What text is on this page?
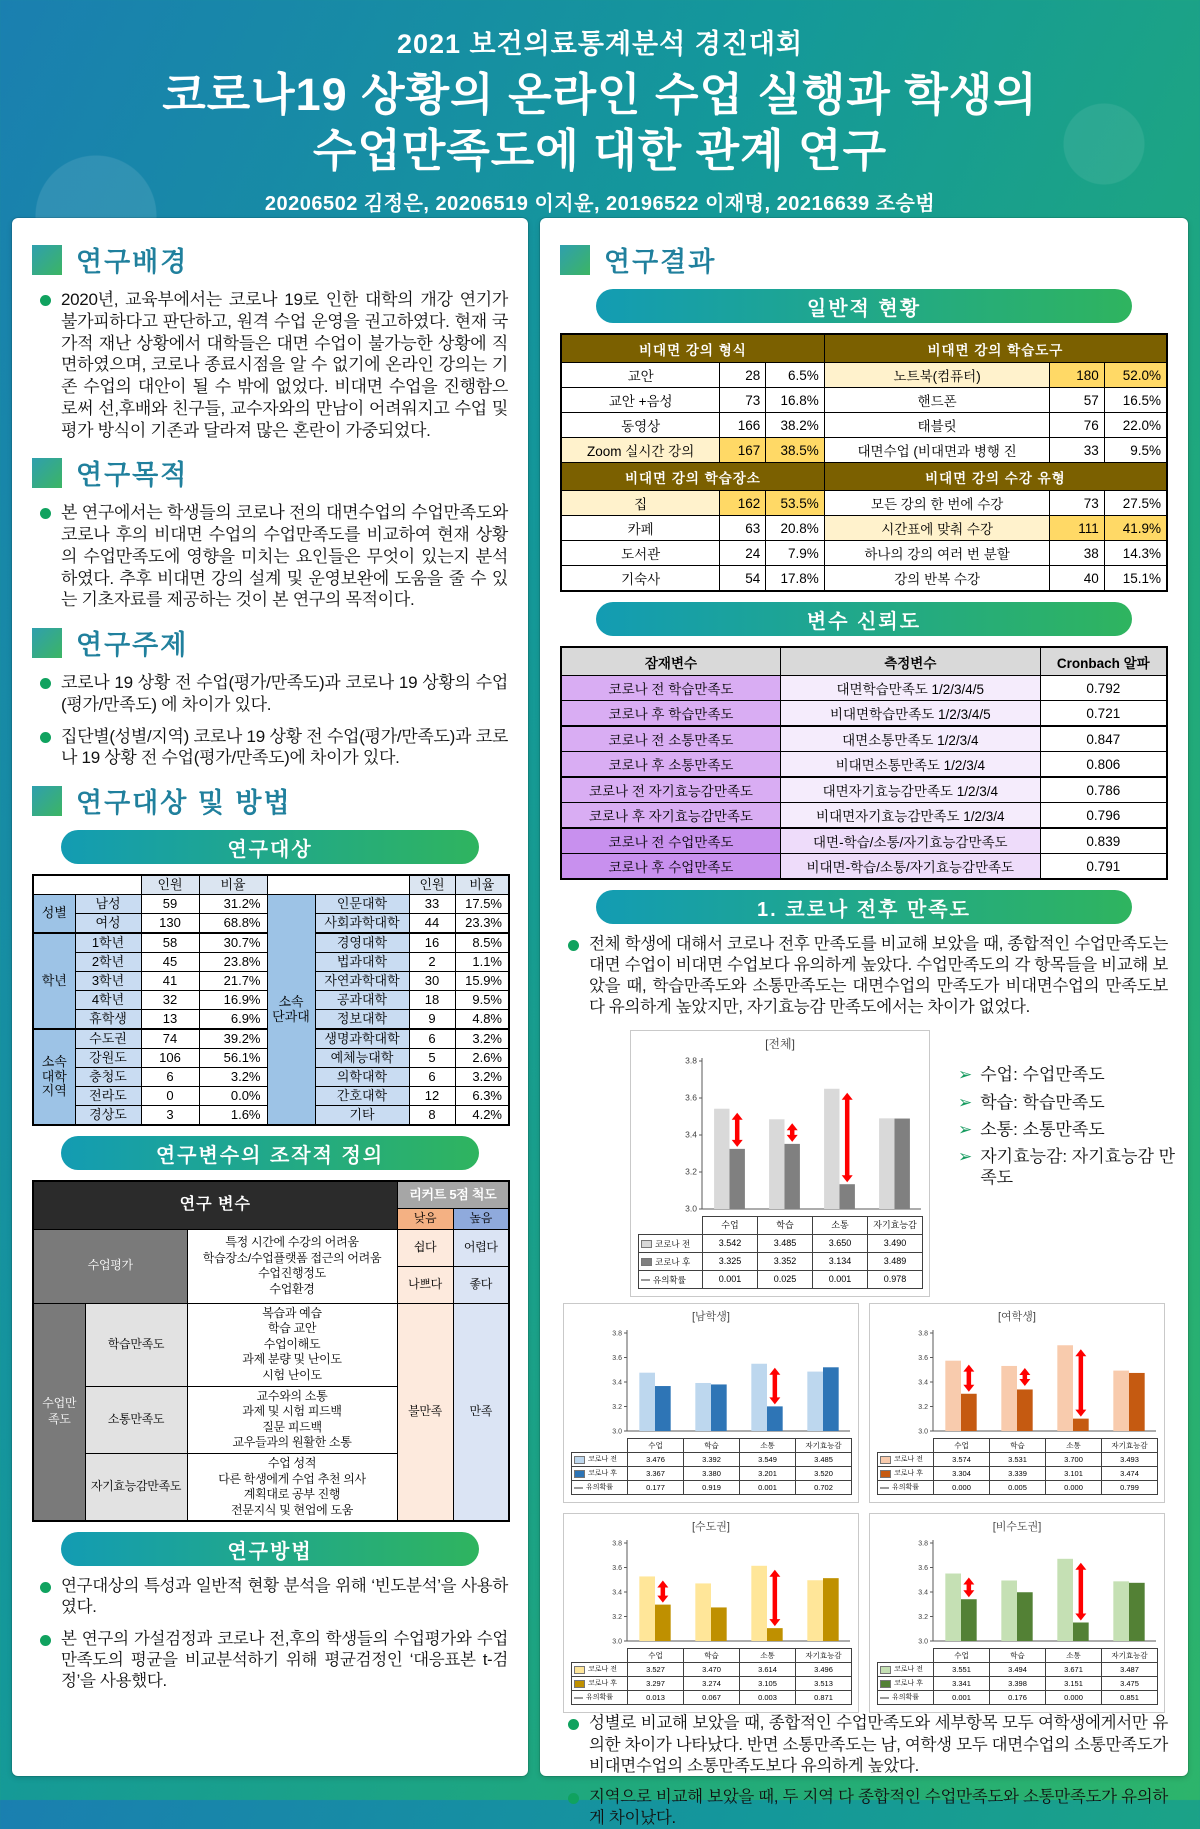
2021 보건의료통계분석 경진대회
코로나19 상황의 온라인 수업 실행과 학생의
수업만족도에 대한 관계 연구
20206502 김정은, 20206519 이지윤, 20196522 이재명, 20216639 조승범
연구배경
2020년, 교육부에서는 코로나 19로 인한 대학의 개강 연기가 불가피하다고 판단하고, 원격 수업 운영을 권고하였다. 현재 국가적 재난 상황에서 대학들은 대면 수업이 불가능한 상황에 직면하였으며, 코로나 종료시점을 알 수 없기에 온라인 강의는 기존 수업의 대안이 될 수 밖에 없었다. 비대면 수업을 진행함으로써 선,후배와 친구들, 교수자와의 만남이 어려워지고 수업 및 평가 방식이 기존과 달라져 많은 혼란이 가중되었다.
연구목적
본 연구에서는 학생들의 코로나 전의 대면수업의 수업만족도와 코로나 후의 비대면 수업의 수업만족도를 비교하여 현재 상황의 수업만족도에 영향을 미치는 요인들은 무엇이 있는지 분석하였다. 추후 비대면 강의 설계 및 운영보완에 도움을 줄 수 있는 기초자료를 제공하는 것이 본 연구의 목적이다.
연구주제
코로나 19 상황 전 수업(평가/만족도)과 코로나 19 상황의 수업(평가/만족도) 에 차이가 있다.
집단별(성별/지역) 코로나 19 상황 전 수업(평가/만족도)과 코로나 19 상황 전 수업(평가/만족도)에 차이가 있다.
연구대상 및 방법
연구대상
		인원	비율			인원	비율
성별	남성	59	31.2%	소속 단과대	인문대학	33	17.5%
	여성	130	68.8%		사회과학대학	44	23.3%
학년	1학년	58	30.7%		경영대학	16	8.5%
	2학년	45	23.8%		법과대학	2	1.1%
	3학년	41	21.7%		자연과학대학	30	15.9%
	4학년	32	16.9%		공과대학	18	9.5%
	휴학생	13	6.9%		정보대학	9	4.8%
소속 대학 지역	수도권	74	39.2%		생명과학대학	6	3.2%
	강원도	106	56.1%		예체능대학	5	2.6%
	충청도	6	3.2%		의학대학	6	3.2%
	전라도	0	0.0%		간호대학	12	6.3%
	경상도	3	1.6%		기타	8	4.2%
연구변수의 조작적 정의
연구 변수			리커트 5점 척도	
			낮음	높음
수업평가		특정 시간에 수강의 어려움
학습장소/수업플랫폼 접근의 어려움
수업진행정도
수업환경	쉽다	어렵다
			나쁘다	좋다
수업만족도	학습만족도	복습과 예습
학습 교안
수업이해도
과제 분량 및 난이도
시험 난이도	불만족	만족
	소통만족도	교수와의 소통
과제 및 시험 피드백
질문 피드백
교우들과의 원활한 소통		

	자기효능감만족도	수업 성적
다른 학생에게 수업 추천 의사
계획대로 공부 진행
전문지식 및 현업에 도움		
연구방법
연구대상의 특성과 일반적 현황 분석을 위해 ‘빈도분석’을 사용하였다.
본 연구의 가설검정과 코로나 전,후의 학생들의 수업평가와 수업만족도의 평균을 비교분석하기 위해 평균검정인 ‘대응표본 t-검정’을 사용했다.
연구결과
일반적 현황
비대면 강의 형식			비대면 강의 학습도구		
교안	28	6.5%	노트북(컴퓨터)	180	52.0%
교안 +음성	73	16.8%	핸드폰	57	16.5%
동영상	166	38.2%	태블릿	76	22.0%
Zoom 실시간 강의	167	38.5%	대면수업 (비대면과 병행 진	33	9.5%
비대면 강의 학습장소			비대면 강의 수강 유형		
집	162	53.5%	모든 강의 한 번에 수강	73	27.5%
카페	63	20.8%	시간표에 맞춰 수강	111	41.9%
도서관	24	7.9%	하나의 강의 여러 번 분할	38	14.3%
기숙사	54	17.8%	강의 반복 수강	40	15.1%
변수 신뢰도
잠재변수	측정변수	Cronbach 알파
코로나 전 학습만족도	대면학습만족도 1/2/3/4/5	0.792
코로나 후 학습만족도	비대면학습만족도 1/2/3/4/5	0.721
코로나 전 소통만족도	대면소통만족도 1/2/3/4	0.847
코로나 후 소통만족도	비대면소통만족도 1/2/3/4	0.806
코로나 전 자기효능감만족도	대면자기효능감만족도 1/2/3/4	0.786
코로나 후 자기효능감만족도	비대면자기효능감만족도 1/2/3/4	0.796
코로나 전 수업만족도	대면-학습/소통/자기효능감만족도	0.839
코로나 후 수업만족도	비대면-학습/소통/자기효능감만족도	0.791
1. 코로나 전후 만족도
전체 학생에 대해서 코로나 전후 만족도를 비교해 보았을 때, 종합적인 수업만족도는 대면 수업이 비대면 수업보다 유의하게 높았다. 수업만족도의 각 항목들을 비교해 보았을 때, 학습만족도와 소통만족도는 대면수업의 만족도가 비대면수업의 만족도보다 유의하게 높았지만, 자기효능감 만족도에서는 차이가 없었다.
[전체]
3.0
3.2
3.4
3.6
3.8
	수업	학습	소통	자기효능감

코로나 전	3.542	3.485	3.650	3.490

코로나 후	3.325	3.352	3.134	3.489

유의확률	0.001	0.025	0.001	0.978
➢ 수업: 수업만족도
➢ 학습: 학습만족도
➢ 소통: 소통만족도
➢ 자기효능감: 자기효능감 만족도
[남학생]
3.0
3.2
3.4
3.6
3.8
	수업	학습	소통	자기효능감

코로나 전	3.476	3.392	3.549	3.485

코로나 후	3.367	3.380	3.201	3.520

유의확률	0.177	0.919	0.001	0.702
[여학생]
3.0
3.2
3.4
3.6
3.8
	수업	학습	소통	자기효능감

코로나 전	3.574	3.531	3.700	3.493

코로나 후	3.304	3.339	3.101	3.474

유의확률	0.000	0.005	0.000	0.799
[수도권]
3.0
3.2
3.4
3.6
3.8
	수업	학습	소통	자기효능감

코로나 전	3.527	3.470	3.614	3.496

코로나 후	3.297	3.274	3.105	3.513

유의확률	0.013	0.067	0.003	0.871
[비수도권]
3.0
3.2
3.4
3.6
3.8
	수업	학습	소통	자기효능감

코로나 전	3.551	3.494	3.671	3.487

코로나 후	3.341	3.398	3.151	3.475

유의확률	0.001	0.176	0.000	0.851
성별로 비교해 보았을 때, 종합적인 수업만족도와 세부항목 모두 여학생에게서만 유의한 차이가 나타났다. 반면 소통만족도는 남, 여학생 모두 대면수업의 소통만족도가 비대면수업의 소통만족도보다 유의하게 높았다.
지역으로 비교해 보았을 때, 두 지역 다 종합적인 수업만족도와 소통만족도가 유의하게 차이났다.
